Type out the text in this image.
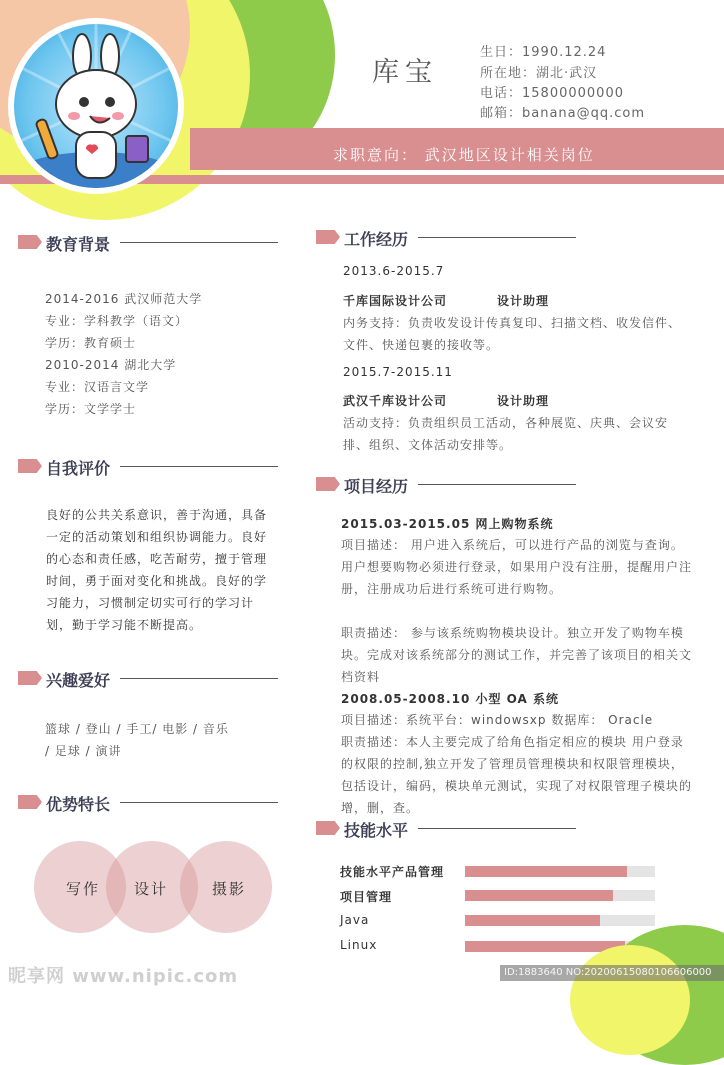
库宝
生日：1990.12.24
所在地：湖北·武汉
电话：15800000000
邮箱：banana@qq.com
求职意向： 武汉地区设计相关岗位
教育背景
2014-2016 武汉师范大学
专业：学科教学（语文）
学历：教育硕士
2010-2014 湖北大学
专业：汉语言文学
学历：文学学士
自我评价
良好的公共关系意识，善于沟通，具备一定的活动策划和组织协调能力。良好的心态和责任感，吃苦耐劳，擅于管理时间，勇于面对变化和挑战。良好的学习能力，习惯制定切实可行的学习计划，勤于学习能不断提高。
兴趣爱好
篮球 / 登山 / 手工/ 电影 / 音乐
/ 足球 / 演讲
优势特长
写作 设计	摄影
工作经历
2013.6-2015.7
千库国际设计公司	设计助理
内务支持：负责收发设计传真复印、扫描文档、收发信件、文件、快递包裹的接收等。
2015.7-2015.11
武汉千库设计公司	设计助理
活动支持：负责组织员工活动，各种展览、庆典、会议安排、组织、文体活动安排等。
项目经历
2015.03-2015.05 网上购物系统
项目描述： 用户进入系统后，可以进行产品的浏览与查询。用户想要购物必须进行登录，如果用户没有注册，提醒用户注册，注册成功后进行系统可进行购物。
职责描述： 参与该系统购物模块设计。独立开发了购物车模块。完成对该系统部分的测试工作，并完善了该项目的相关文档资料
2008.05-2008.10 小型 OA 系统
项目描述：系统平台：windowsxp 数据库： Oracle
职责描述：本人主要完成了给角色指定相应的模块 用户登录的权限的控制,独立开发了管理员管理模块和权限管理模块，包括设计，编码，模块单元测试，实现了对权限管理子模块的增，删，查。
技能水平
技能水平产品管理
项目管理
Java
Linux
昵享网 www.nipic.com	ID:1883640 NO:20200615080106606000
